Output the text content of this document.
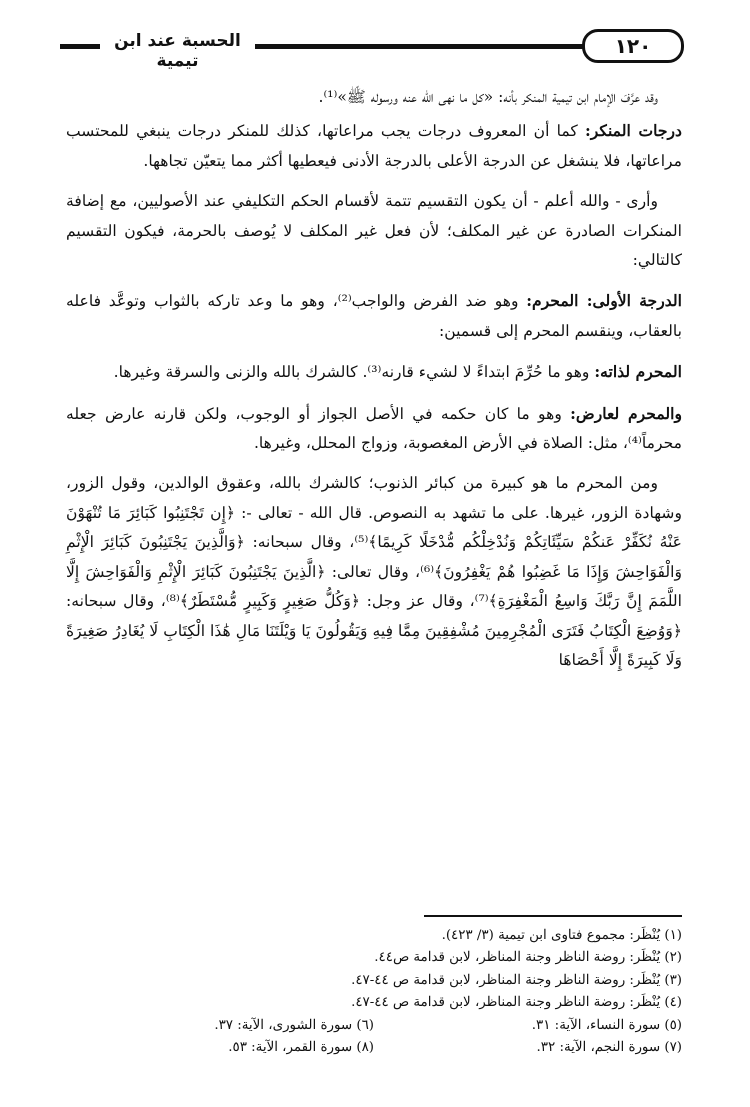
الحسبة عند ابن تيمية
١٢٠

وقد عرَّفَ الإمام ابن تيمية المنكر بأنه: «كل ما نهى الله عنه ورسوله ﷺ»⁽¹⁾.

درجات المنكر: كما أن المعروف درجات يجب مراعاتها، كذلك للمنكر درجات ينبغي للمحتسب مراعاتها، فلا ينشغل عن الدرجة الأعلى بالدرجة الأدنى فيعطيها أكثر مما يتعيّن تجاهها.

وأرى - والله أعلم - أن يكون التقسيم تتمة لأقسام الحكم التكليفي عند الأصوليين، مع إضافة المنكرات الصادرة عن غير المكلف؛ لأن فعل غير المكلف لا يُوصف بالحرمة، فيكون التقسيم كالتالي:

الدرجة الأولى: المحرم: وهو ضد الفرض والواجب⁽²⁾، وهو ما وعد تاركه بالثواب وتوعَّد فاعله بالعقاب، وينقسم المحرم إلى قسمين:

المحرم لذاته: وهو ما حُرِّمَ ابتداءً لا لشيء قارنه⁽³⁾. كالشرك بالله والزنى والسرقة وغيرها.

والمحرم لعارض: وهو ما كان حكمه في الأصل الجواز أو الوجوب، ولكن قارنه عارض جعله محرماً⁽⁴⁾، مثل: الصلاة في الأرض المغصوبة، وزواج المحلل، وغيرها.

ومن المحرم ما هو كبيرة من كبائر الذنوب؛ كالشرك بالله، وعقوق الوالدين، وقول الزور، وشهادة الزور، غيرها. على ما تشهد به النصوص. قال الله - تعالى -: ﴿إِن تَجْتَنِبُوا كَبَائِرَ مَا تُنْهَوْنَ عَنْهُ نُكَفِّرْ عَنكُمْ سَيِّئَاتِكُمْ وَنُدْخِلْكُم مُّدْخَلًا كَرِيمًا﴾⁽⁵⁾، وقال سبحانه: ﴿وَالَّذِينَ يَجْتَنِبُونَ كَبَائِرَ الْإِثْمِ وَالْفَوَاحِشَ وَإِذَا مَا غَضِبُوا هُمْ يَغْفِرُونَ﴾⁽⁶⁾، وقال تعالى: ﴿الَّذِينَ يَجْتَنِبُونَ كَبَائِرَ الْإِثْمِ وَالْفَوَاحِشَ إِلَّا اللَّمَمَ إِنَّ رَبَّكَ وَاسِعُ الْمَغْفِرَةِ﴾⁽⁷⁾، وقال عز وجل: ﴿وَكُلُّ صَغِيرٍ وَكَبِيرٍ مُّسْتَطَرٌ﴾⁽⁸⁾، وقال سبحانه: ﴿وَوُضِعَ الْكِتَابُ فَتَرَى الْمُجْرِمِينَ مُشْفِقِينَ مِمَّا فِيهِ وَيَقُولُونَ يَا وَيْلَتَنَا مَالِ هَٰذَا الْكِتَابِ لَا يُغَادِرُ صَغِيرَةً وَلَا كَبِيرَةً إِلَّا أَحْصَاهَا

(١) يُنْظَر: مجموع فتاوى ابن تيمية (٣/ ٤٢٣).

(٢) يُنْظَر: روضة الناظر وجنة المناظر، لابن قدامة ص٤٤.

(٣) يُنْظَر: روضة الناظر وجنة المناظر، لابن قدامة ص ٤٤-٤٧.

(٤) يُنْظَر: روضة الناظر وجنة المناظر، لابن قدامة ص ٤٤-٤٧.

(٥) سورة النساء، الآية: ٣١.

(٦) سورة الشورى، الآية: ٣٧.

(٧) سورة النجم، الآية: ٣٢.

(٨) سورة القمر، الآية: ٥٣.
